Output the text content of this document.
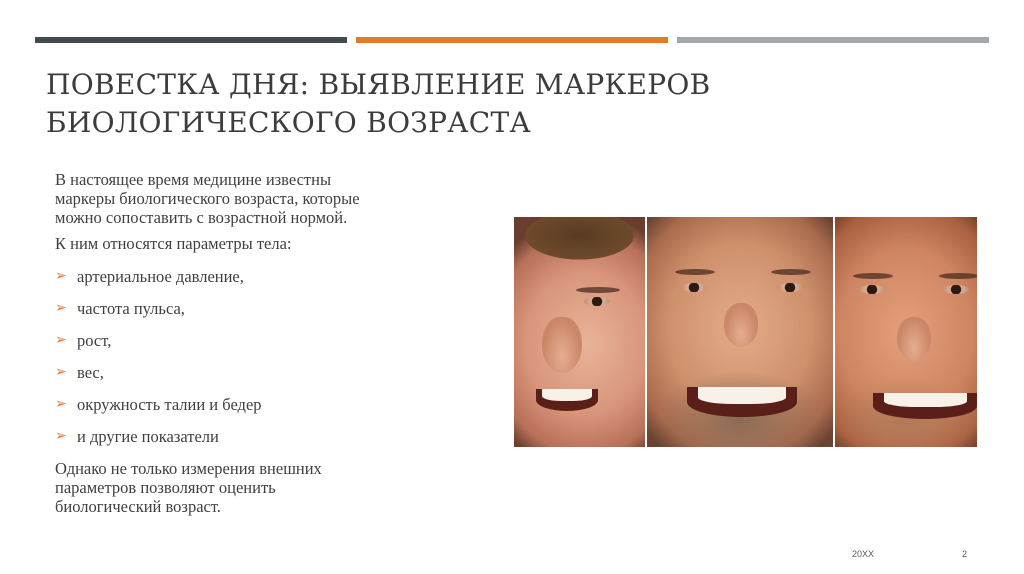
ПОВЕСТКА ДНЯ: ВЫЯВЛЕНИЕ МАРКЕРОВ
БИОЛОГИЧЕСКОГО ВОЗРАСТА

В настоящее время медицине известны
маркеры биологического возраста, которые
можно сопоставить с возрастной нормой.

К ним относятся параметры тела:

➢ артериальное давление,
➢ частота пульса,
➢ рост,
➢ вес,
➢ окружность талии и бедер
➢ и другие показатели

Однако не только измерения внешних
параметров позволяют оценить
биологический возраст.

20XX	2
